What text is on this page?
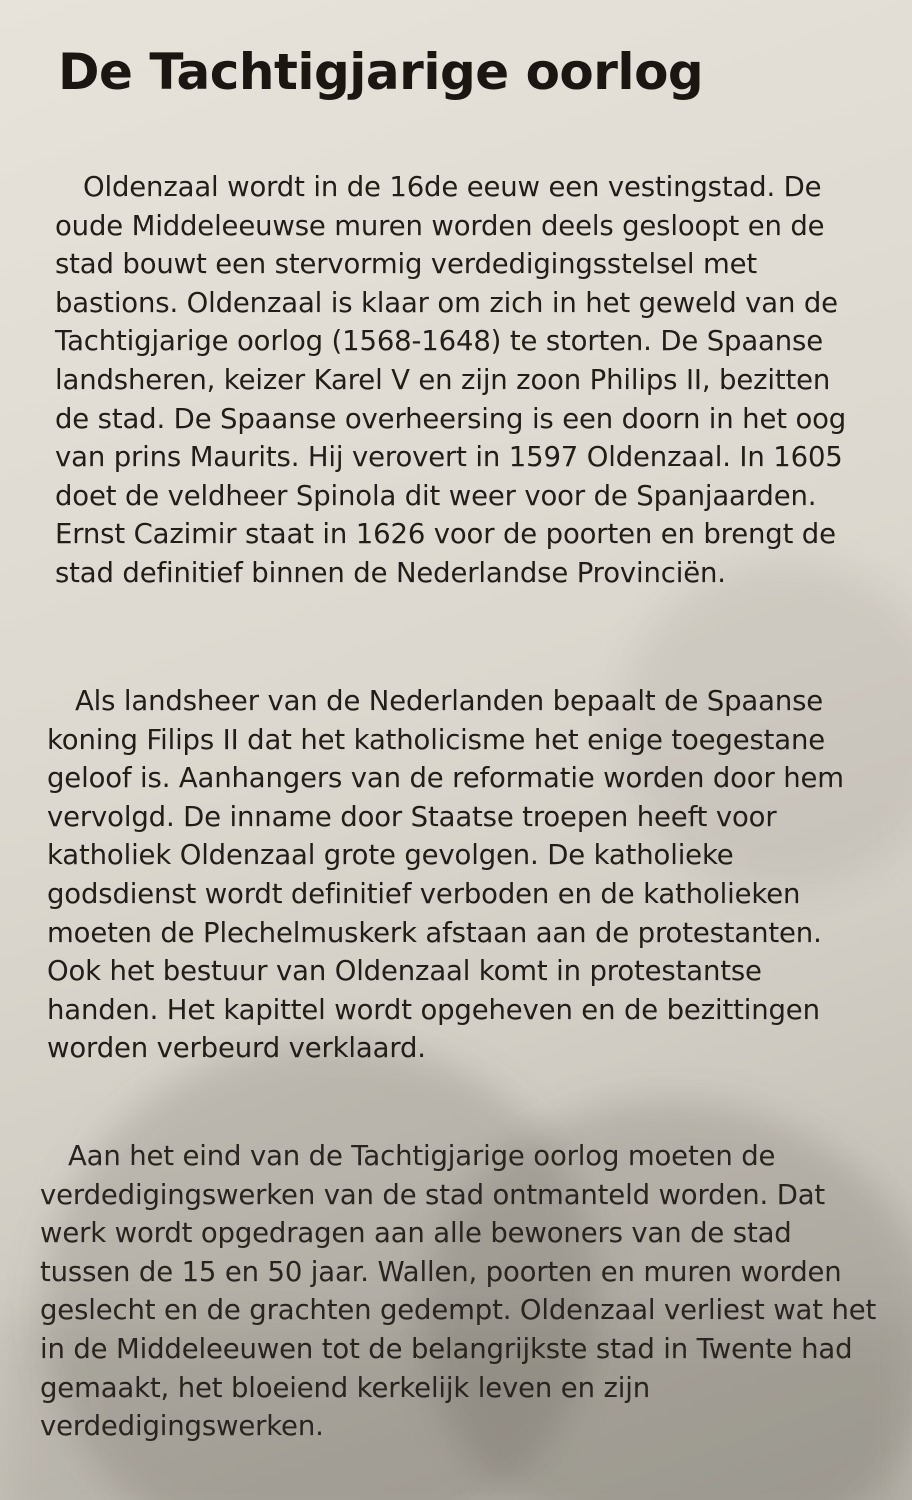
De Tachtigjarige oorlog

Oldenzaal wordt in de 16de eeuw een vestingstad. De oude Middeleeuwse muren worden deels gesloopt en de stad bouwt een stervormig verdedigingsstelsel met bastions. Oldenzaal is klaar om zich in het geweld van de Tachtigjarige oorlog (1568-1648) te storten. De Spaanse landsheren, keizer Karel V en zijn zoon Philips II, bezitten de stad. De Spaanse overheersing is een doorn in het oog van prins Maurits. Hij verovert in 1597 Oldenzaal. In 1605 doet de veldheer Spinola dit weer voor de Spanjaarden. Ernst Cazimir staat in 1626 voor de poorten en brengt de stad definitief binnen de Nederlandse Provinciën.

Als landsheer van de Nederlanden bepaalt de Spaanse koning Filips II dat het katholicisme het enige toegestane geloof is. Aanhangers van de reformatie worden door hem vervolgd. De inname door Staatse troepen heeft voor katholiek Oldenzaal grote gevolgen. De katholieke godsdienst wordt definitief verboden en de katholieken moeten de Plechelmuskerk afstaan aan de protestanten. Ook het bestuur van Oldenzaal komt in protestantse handen. Het kapittel wordt opgeheven en de bezittingen worden verbeurd verklaard.

Aan het eind van de Tachtigjarige oorlog moeten de verdedigingswerken van de stad ontmanteld worden. Dat werk wordt opgedragen aan alle bewoners van de stad tussen de 15 en 50 jaar. Wallen, poorten en muren worden geslecht en de grachten gedempt. Oldenzaal verliest wat het in de Middeleeuwen tot de belangrijkste stad in Twente had gemaakt, het bloeiend kerkelijk leven en zijn verdedigingswerken.
